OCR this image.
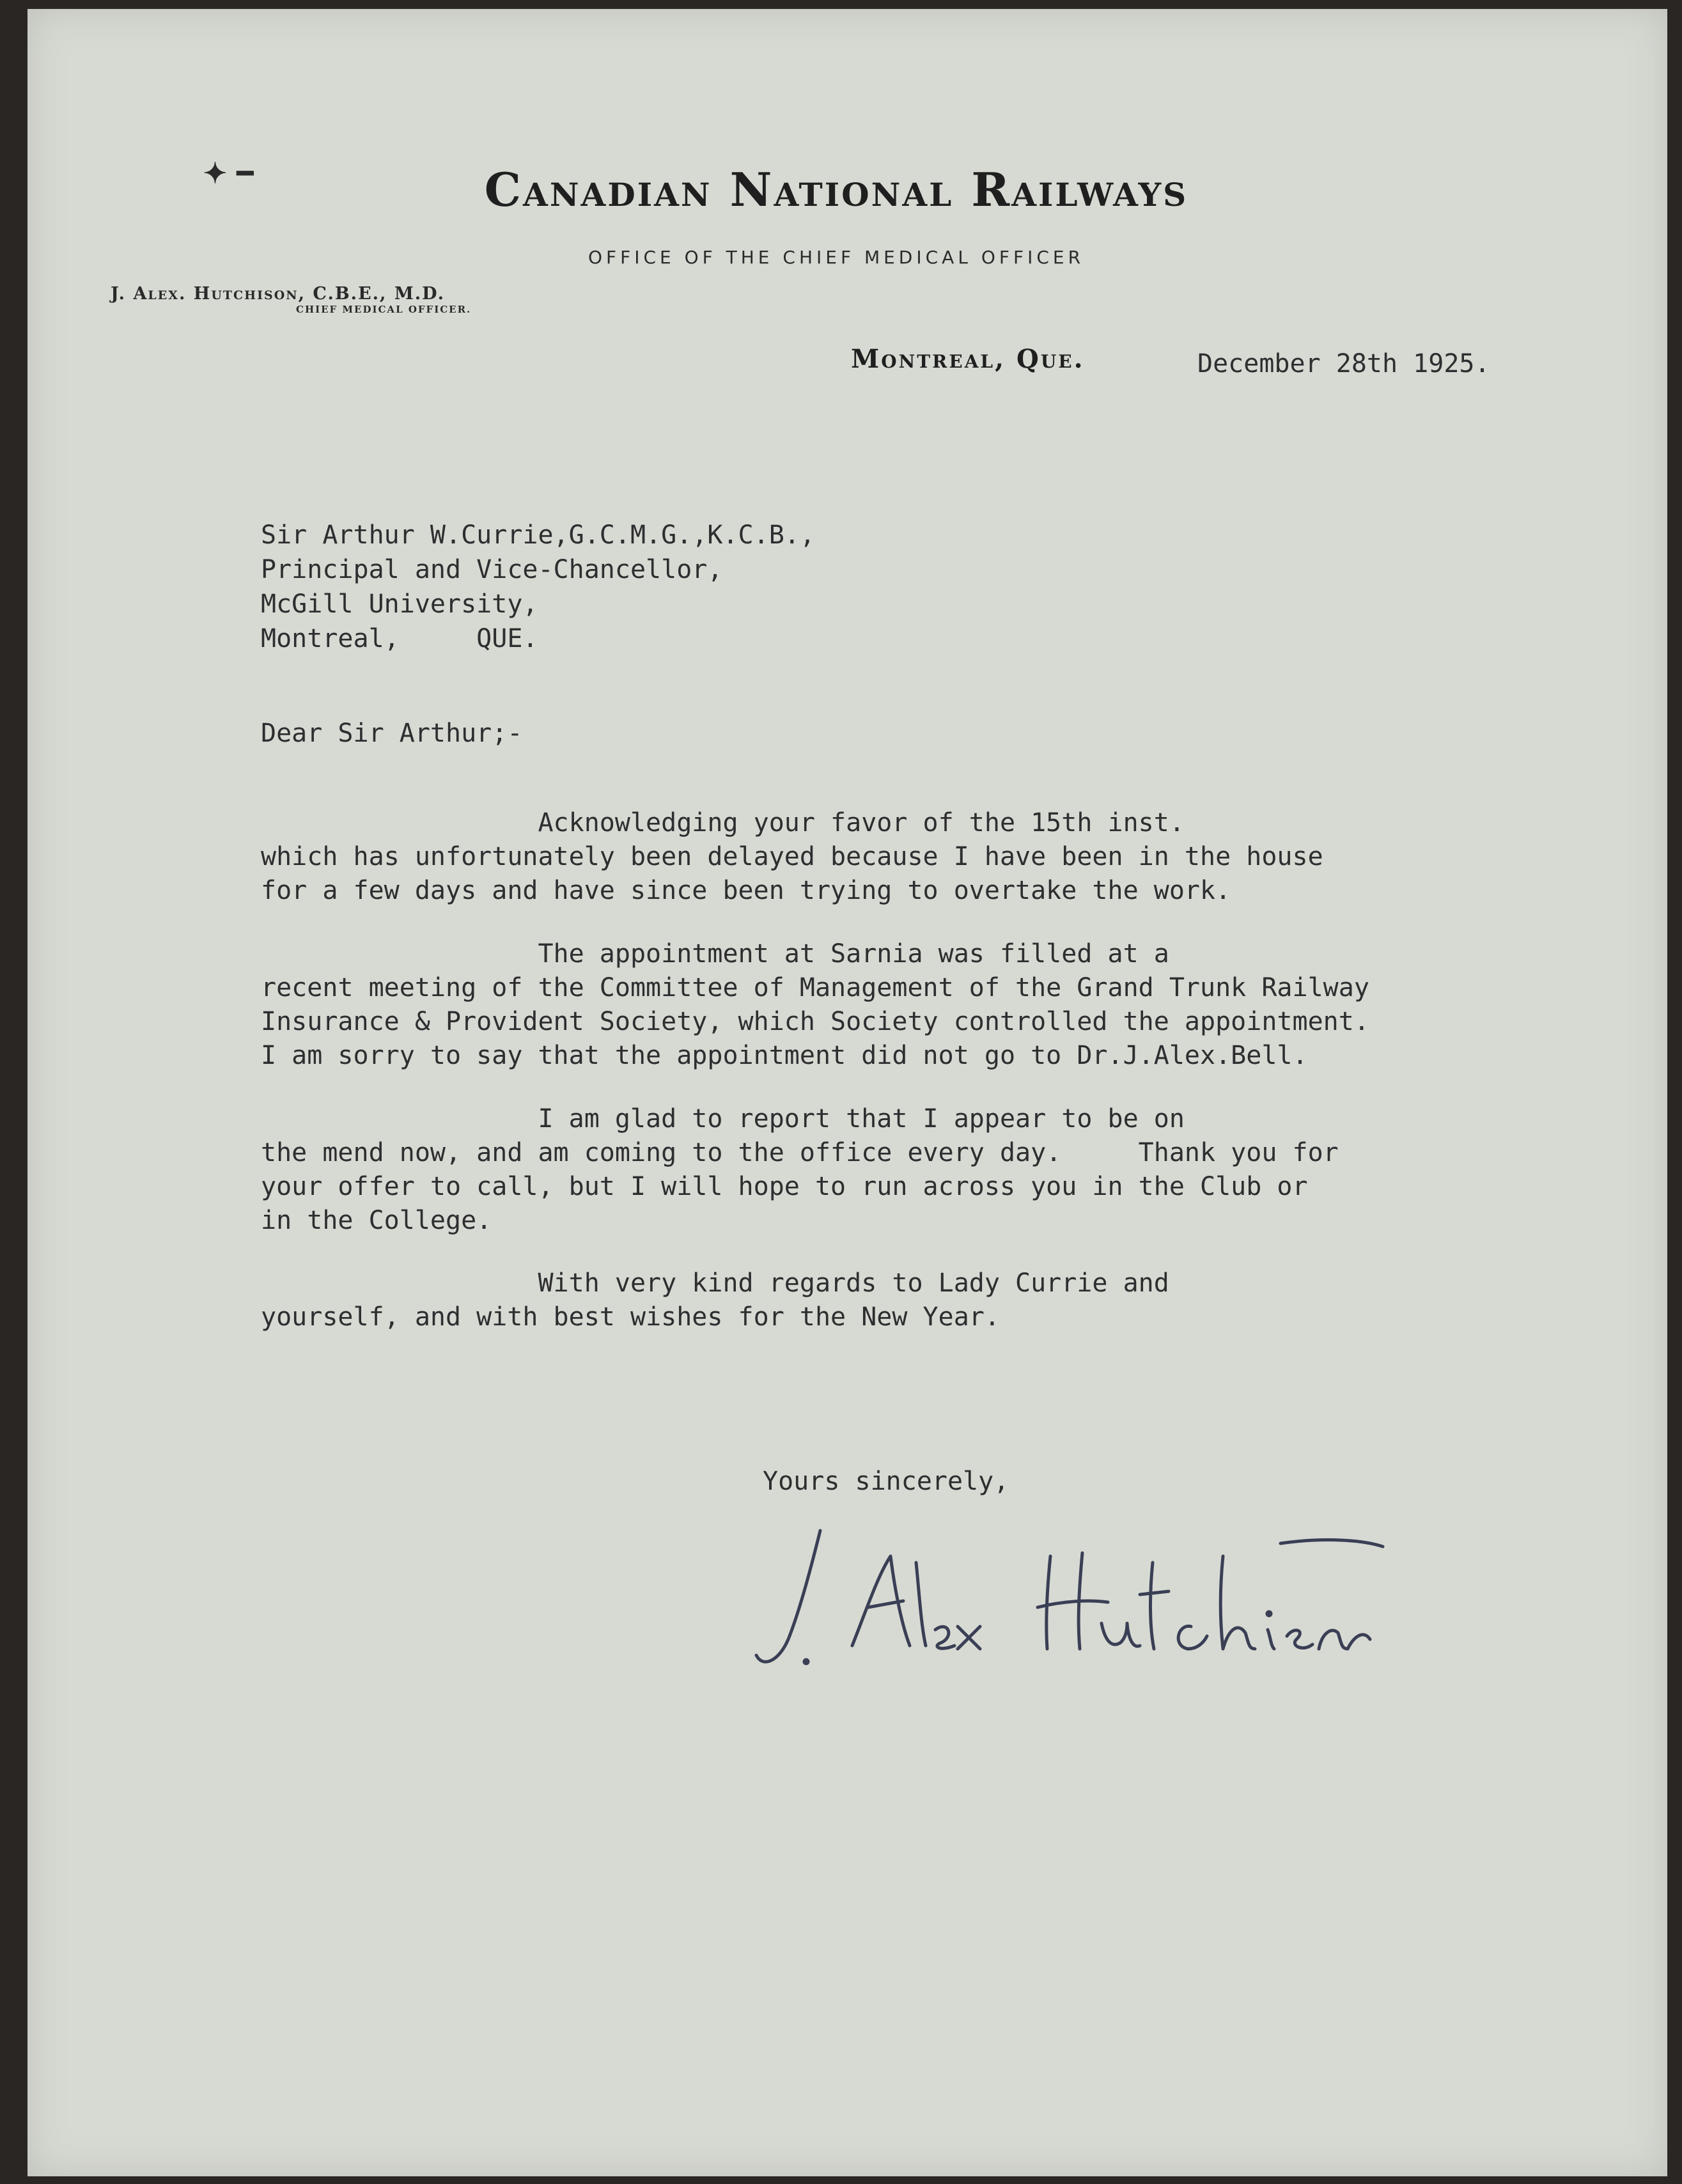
✦ ━	Canadian National Railways
OFFICE OF THE CHIEF MEDICAL OFFICER
J. Alex. Hutchison, C.B.E., M.D.
CHIEF MEDICAL OFFICER.
Montreal, Que.	December 28th 1925.
Sir Arthur W.Currie,G.C.M.G.,K.C.B.,
Principal and Vice-Chancellor,
McGill University,
Montreal,     QUE.
Dear Sir Arthur;-
Acknowledging your favor of the 15th inst.
which has unfortunately been delayed because I have been in the house
for a few days and have since been trying to overtake the work.
The appointment at Sarnia was filled at a
recent meeting of the Committee of Management of the Grand Trunk Railway
Insurance & Provident Society, which Society controlled the appointment.
I am sorry to say that the appointment did not go to Dr.J.Alex.Bell.
I am glad to report that I appear to be on
the mend now, and am coming to the office every day.     Thank you for
your offer to call, but I will hope to run across you in the Club or
in the College.
With very kind regards to Lady Currie and
yourself, and with best wishes for the New Year.
Yours sincerely,
